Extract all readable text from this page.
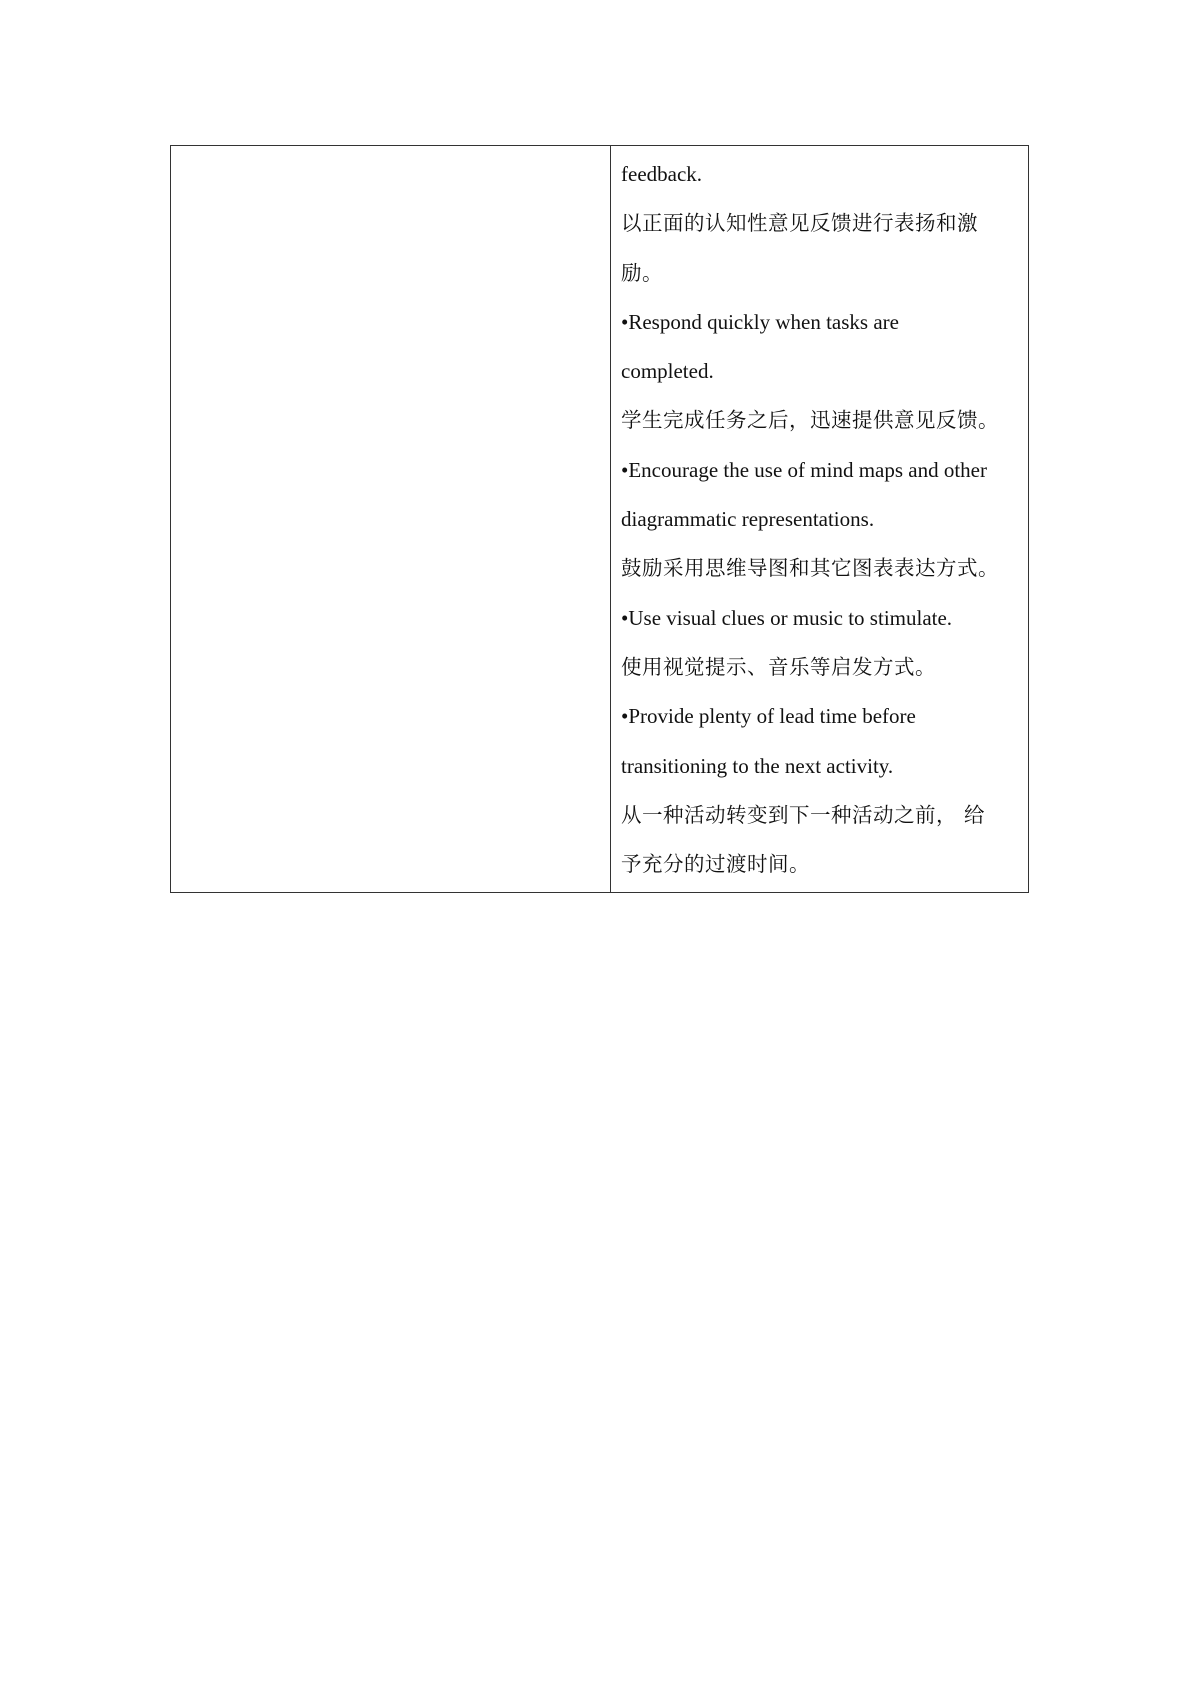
feedback.
以正面的认知性意见反馈进行表扬和激
励。
•Respond quickly when tasks are
completed.
学生完成任务之后，迅速提供意见反馈。
•Encourage the use of mind maps and other
diagrammatic representations.
鼓励采用思维导图和其它图表表达方式。
•Use visual clues or music to stimulate.
使用视觉提示、音乐等启发方式。
•Provide plenty of lead time before
transitioning to the next activity.
从一种活动转变到下一种活动之前， 给
予充分的过渡时间。
